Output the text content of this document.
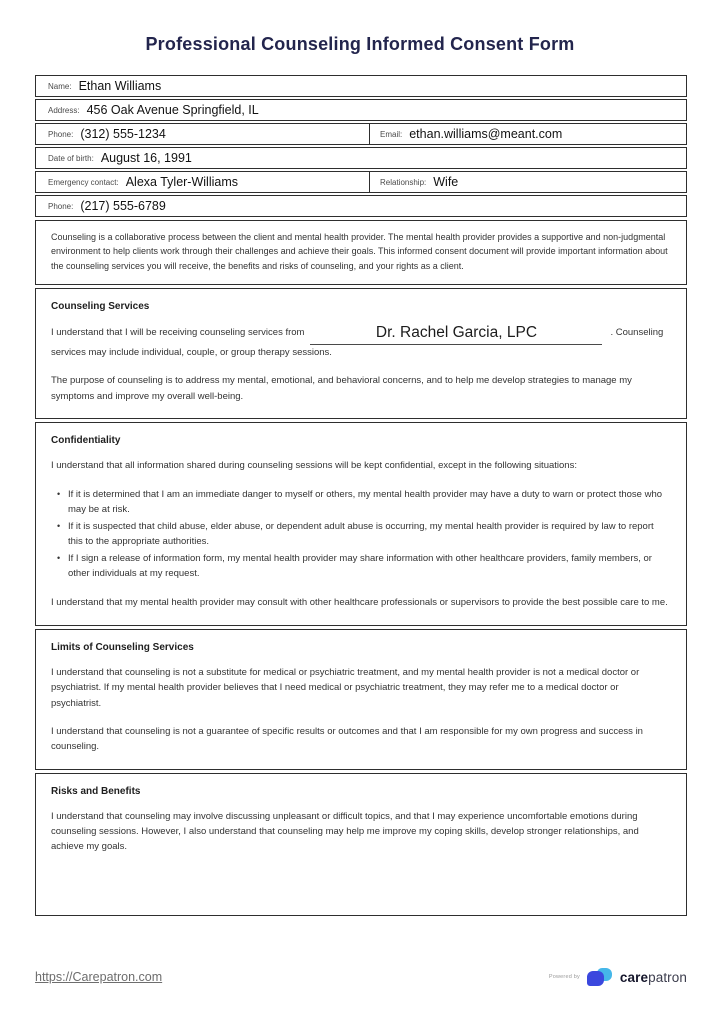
Professional Counseling Informed Consent Form
Name: Ethan Williams
Address: 456 Oak Avenue Springfield, IL
Phone: (312) 555-1234	Email: ethan.williams@meant.com
Date of birth: August 16, 1991
Emergency contact: Alexa Tyler-Williams	Relationship: Wife
Phone: (217) 555-6789

Counseling is a collaborative process between the client and mental health provider. The mental health provider provides a supportive and non-judgmental environment to help clients work through their challenges and achieve their goals. This informed consent document will provide important information about the counseling services you will receive, the benefits and risks of counseling, and your rights as a client.

Counseling Services

I understand that I will be receiving counseling services from	Dr. Rachel Garcia, LPC	. Counseling services may include individual, couple, or group therapy sessions.

The purpose of counseling is to address my mental, emotional, and behavioral concerns, and to help me develop strategies to manage my symptoms and improve my overall well-being.

Confidentiality

I understand that all information shared during counseling sessions will be kept confidential, except in the following situations:

• If it is determined that I am an immediate danger to myself or others, my mental health provider may have a duty to warn or protect those who may be at risk.
• If it is suspected that child abuse, elder abuse, or dependent adult abuse is occurring, my mental health provider is required by law to report this to the appropriate authorities.
• If I sign a release of information form, my mental health provider may share information with other healthcare providers, family members, or other individuals at my request.

I understand that my mental health provider may consult with other healthcare professionals or supervisors to provide the best possible care to me.

Limits of Counseling Services

I understand that counseling is not a substitute for medical or psychiatric treatment, and my mental health provider is not a medical doctor or psychiatrist. If my mental health provider believes that I need medical or psychiatric treatment, they may refer me to a medical doctor or psychiatrist.

I understand that counseling is not a guarantee of specific results or outcomes and that I am responsible for my own progress and success in counseling.

Risks and Benefits

I understand that counseling may involve discussing unpleasant or difficult topics, and that I may experience uncomfortable emotions during counseling sessions. However, I also understand that counseling may help me improve my coping skills, develop stronger relationships, and achieve my goals.

https://Carepatron.com	Powered by	carepatron
